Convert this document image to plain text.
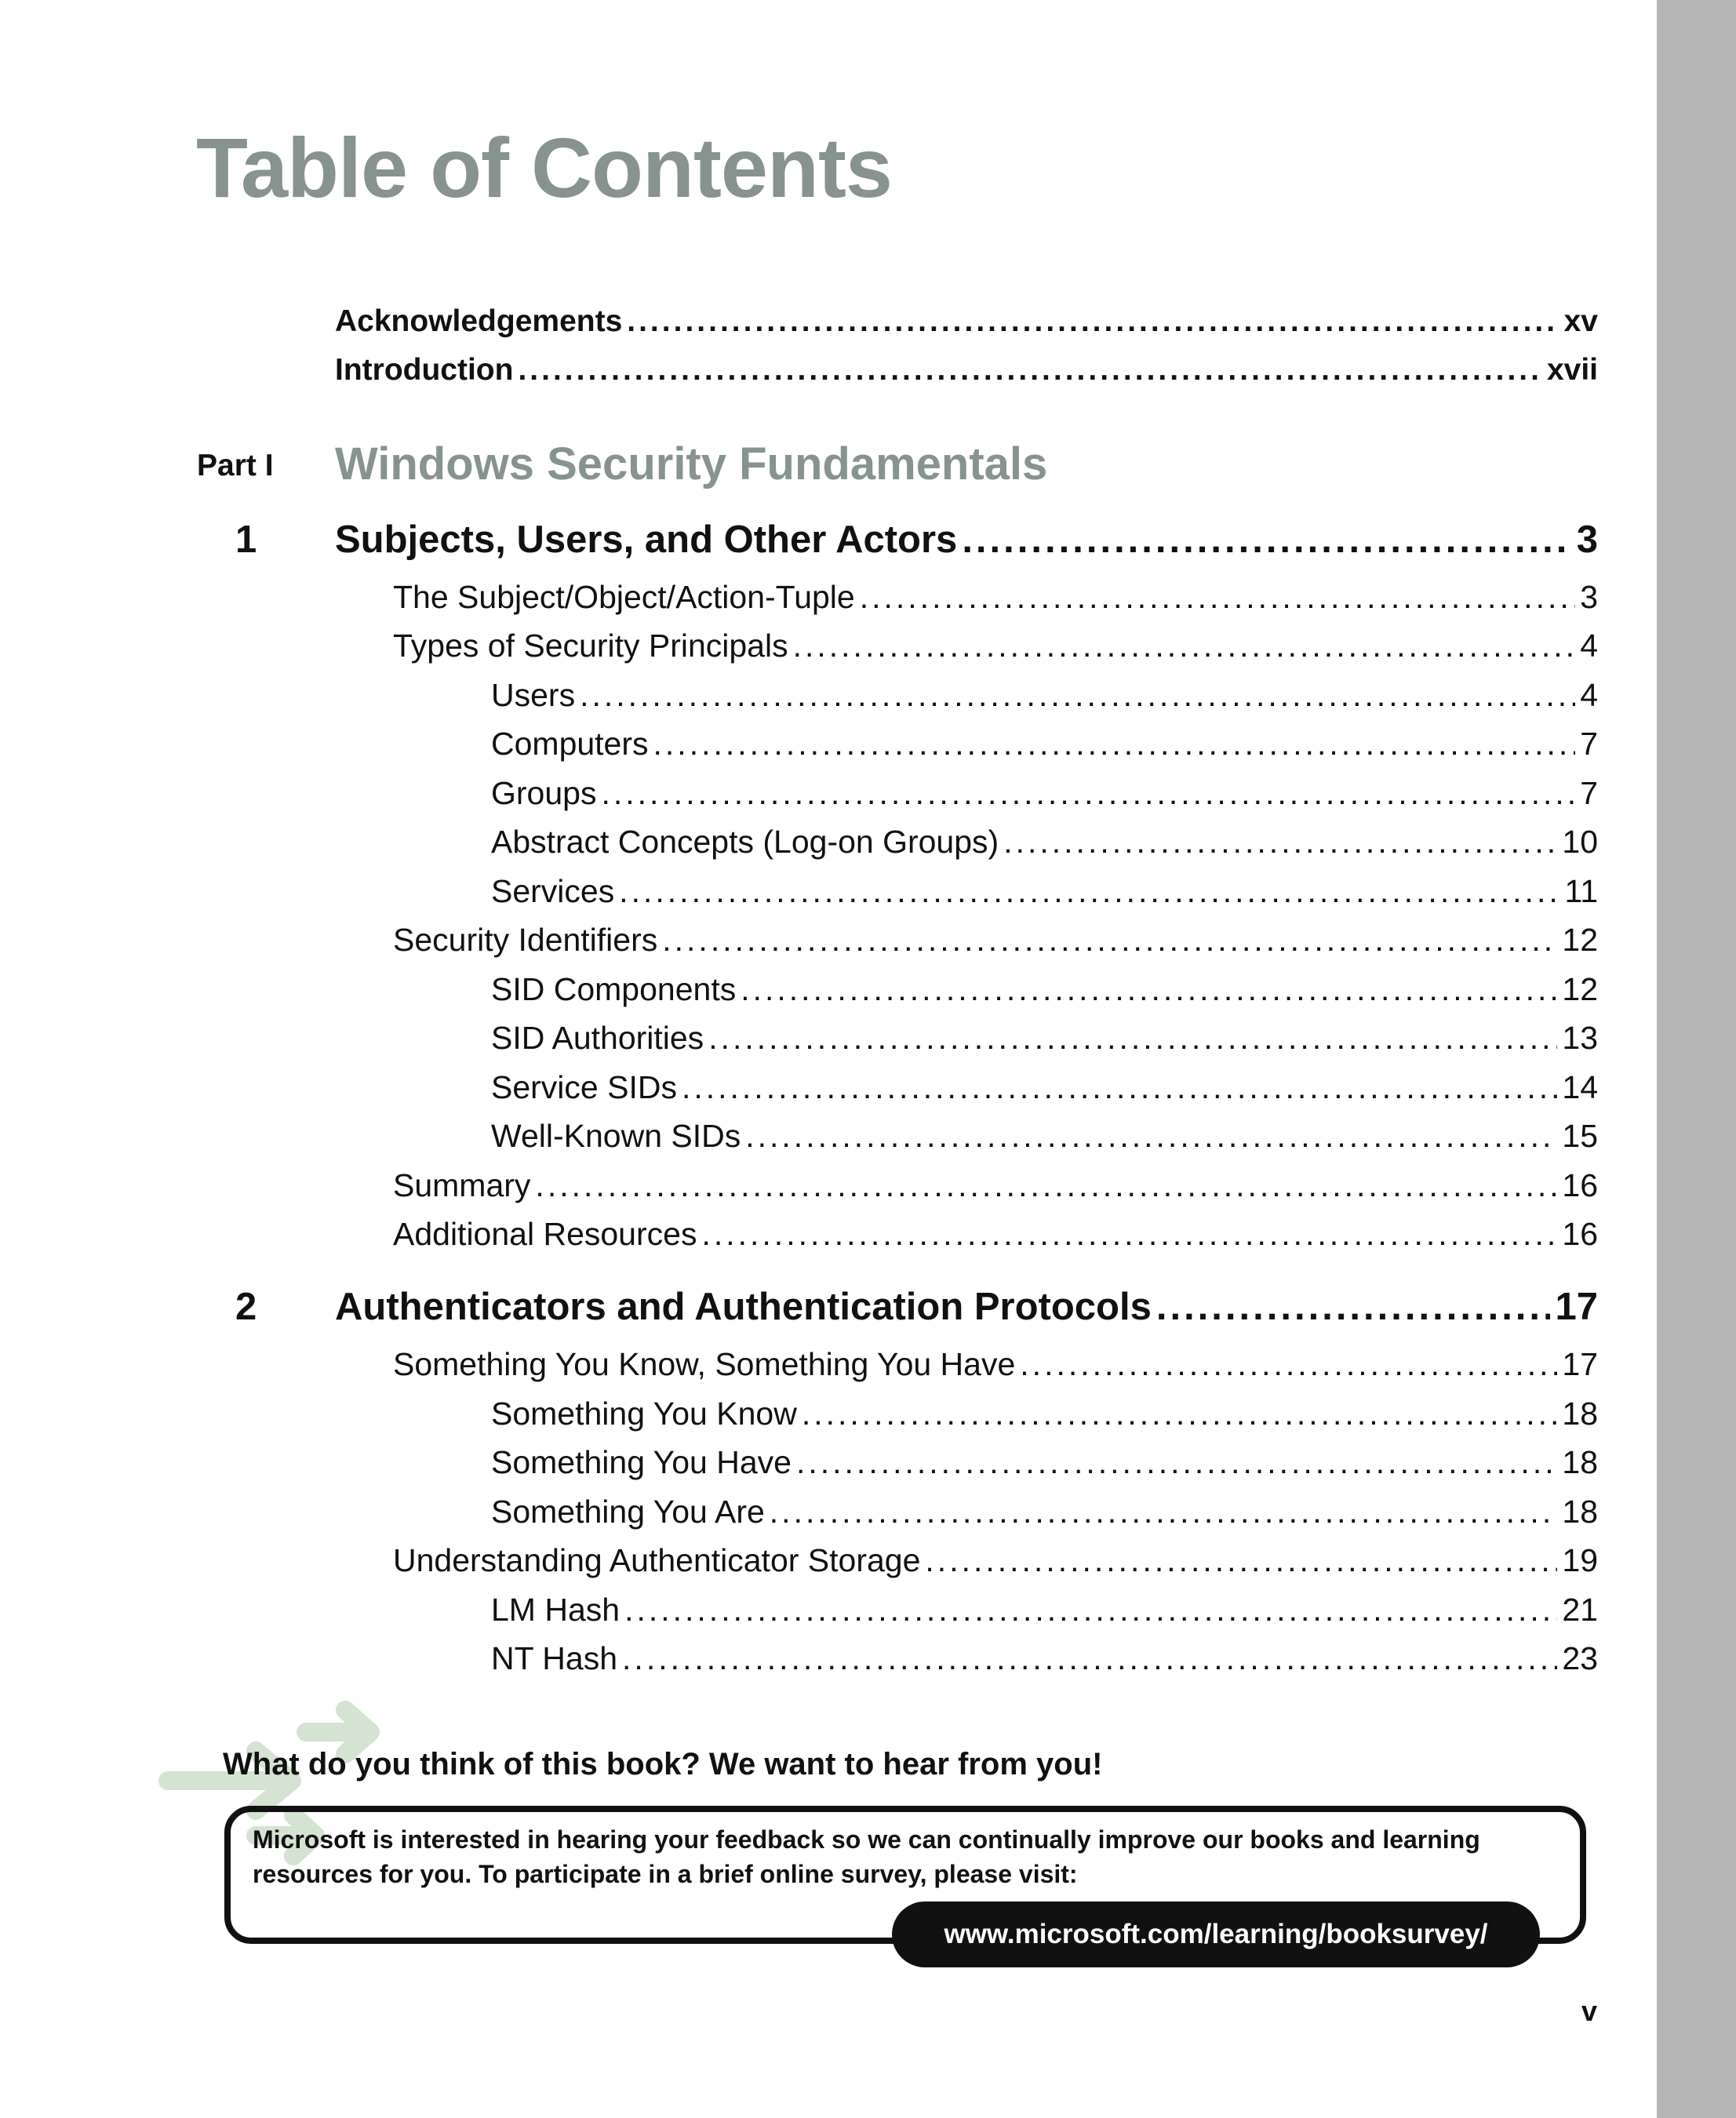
Table of Contents
Acknowledgements .....	xv
Introduction .....	xvii
Part I Windows Security Fundamentals
1 Subjects, Users, and Other Actors .....	3
The Subject/Object/Action-Tuple .....	3
Types of Security Principals .....	4
Users .....	4
Computers .....	7
Groups .....	7
Abstract Concepts (Log-on Groups) .....	10
Services .....	11
Security Identifiers .....	12
SID Components .....	12
SID Authorities .....	13
Service SIDs .....	14
Well-Known SIDs .....	15
Summary .....	16
Additional Resources .....	16
2 Authenticators and Authentication Protocols .....	17
Something You Know, Something You Have .....	17
Something You Know .....	18
Something You Have .....	18
Something You Are .....	18
Understanding Authenticator Storage .....	19
LM Hash .....	21
NT Hash .....	23
What do you think of this book? We want to hear from you!
Microsoft is interested in hearing your feedback so we can continually improve our books and learning resources for you. To participate in a brief online survey, please visit:
www.microsoft.com/learning/booksurvey/
v
